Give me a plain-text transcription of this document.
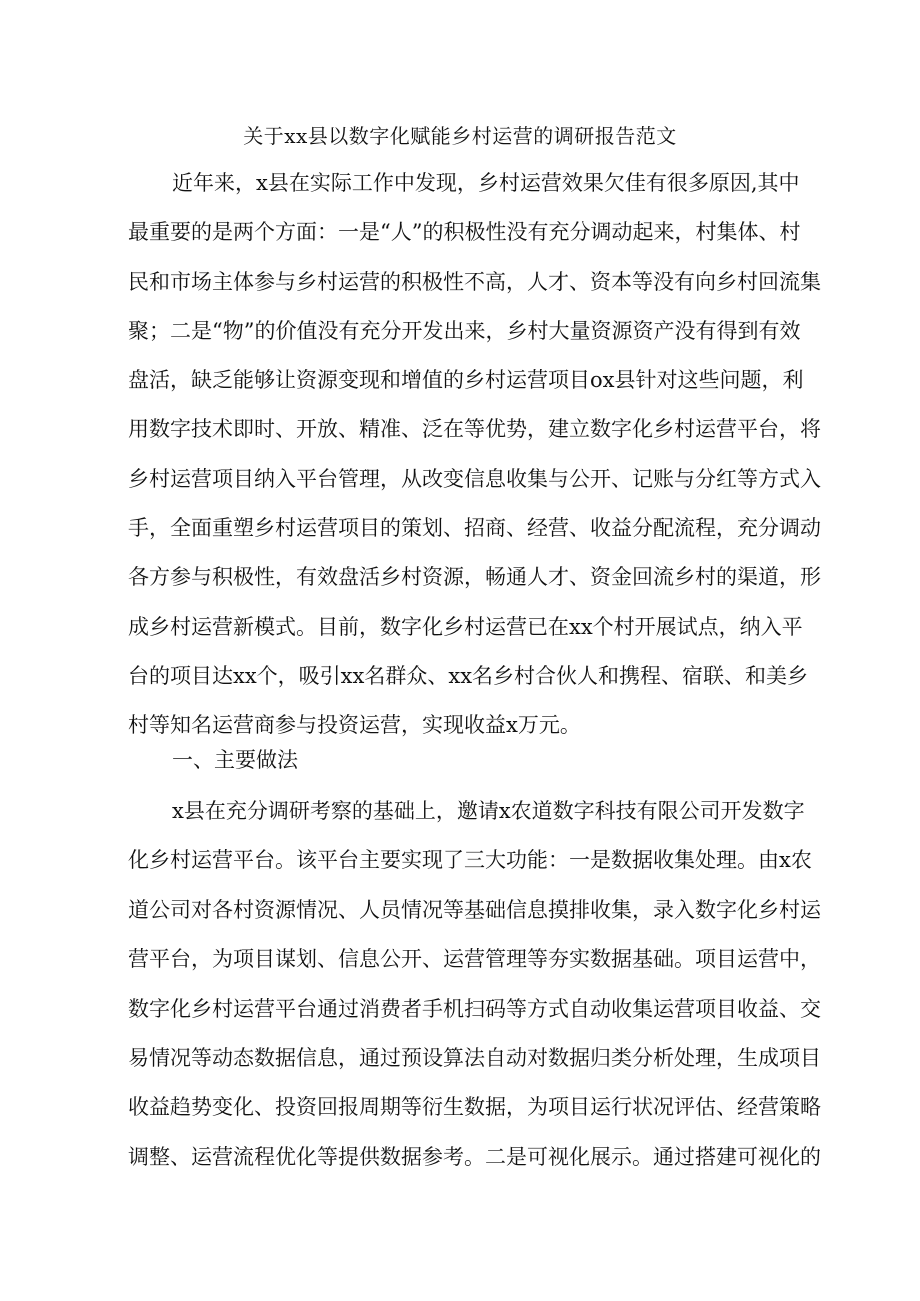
关于xx县以数字化赋能乡村运营的调研报告范文
近年来，x县在实际工作中发现，乡村运营效果欠佳有很多原因,其中
最重要的是两个方面：一是“人”的积极性没有充分调动起来，村集体、村
民和市场主体参与乡村运营的积极性不高，人才、资本等没有向乡村回流集
聚；二是“物”的价值没有充分开发出来，乡村大量资源资产没有得到有效
盘活，缺乏能够让资源变现和增值的乡村运营项目ox县针对这些问题，利
用数字技术即时、开放、精准、泛在等优势，建立数字化乡村运营平台，将
乡村运营项目纳入平台管理，从改变信息收集与公开、记账与分红等方式入
手，全面重塑乡村运营项目的策划、招商、经营、收益分配流程，充分调动
各方参与积极性，有效盘活乡村资源，畅通人才、资金回流乡村的渠道，形
成乡村运营新模式。目前，数字化乡村运营已在xx个村开展试点，纳入平
台的项目达xx个，吸引xx名群众、xx名乡村合伙人和携程、宿联、和美乡
村等知名运营商参与投资运营，实现收益x万元。
一、主要做法
x县在充分调研考察的基础上，邀请x农道数字科技有限公司开发数字
化乡村运营平台。该平台主要实现了三大功能：一是数据收集处理。由x农
道公司对各村资源情况、人员情况等基础信息摸排收集，录入数字化乡村运
营平台，为项目谋划、信息公开、运营管理等夯实数据基础。项目运营中，
数字化乡村运营平台通过消费者手机扫码等方式自动收集运营项目收益、交
易情况等动态数据信息，通过预设算法自动对数据归类分析处理，生成项目
收益趋势变化、投资回报周期等衍生数据，为项目运行状况评估、经营策略
调整、运营流程优化等提供数据参考。二是可视化展示。通过搭建可视化的
